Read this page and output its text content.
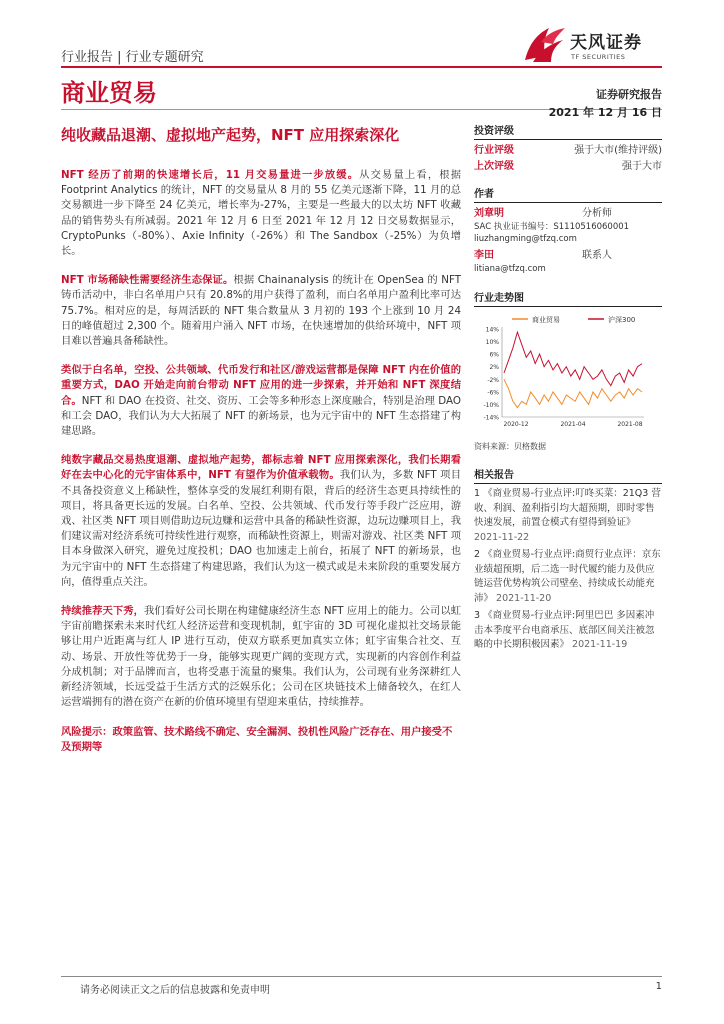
行业报告 | 行业专题研究
天风证券
TF SECURITIES
商业贸易	证券研究报告
2021 年 12 月 16 日
纯收藏品退潮、虚拟地产起势，NFT 应用探索深化

NFT 经历了前期的快速增长后，11 月交易量进一步放缓。从交易量上看，根据 Footprint Analytics 的统计，NFT 的交易量从 8 月的 55 亿美元逐渐下降，11 月的总交易额进一步下降至 24 亿美元，增长率为-27%，主要是一些最大的以太坊 NFT 收藏品的销售势头有所减弱。2021 年 12 月 6 日至 2021 年 12 月 12 日交易数据显示，CryptoPunks（-80%）、Axie Infinity（-26%）和 The Sandbox（-25%）为负增长。

NFT 市场稀缺性需要经济生态保证。根据 Chainanalysis 的统计在 OpenSea 的 NFT 铸币活动中，非白名单用户只有 20.8%的用户获得了盈利，而白名单用户盈利比率可达 75.7%。相对应的是，每周活跃的 NFT 集合数量从 3 月初的 193 个上涨到 10 月 24 日的峰值超过 2,300 个。随着用户涌入 NFT 市场，在快速增加的供给环境中，NFT 项目难以普遍具备稀缺性。

类似于白名单，空投、公共领域、代币发行和社区/游戏运营都是保障 NFT 内在价值的重要方式，DAO 开始走向前台带动 NFT 应用的进一步探索，并开始和 NFT 深度结合。NFT 和 DAO 在投资、社交、资历、工会等多种形态上深度融合，特别是治理 DAO 和工会 DAO，我们认为大大拓展了 NFT 的新场景，也为元宇宙中的 NFT 生态搭建了构建思路。

纯数字藏品交易热度退潮、虚拟地产起势，都标志着 NFT 应用探索深化，我们长期看好在去中心化的元宇宙体系中，NFT 有望作为价值承载物。我们认为，多数 NFT 项目不具备投资意义上稀缺性，整体享受的发展红利期有限，背后的经济生态更具持续性的项目，将具备更长远的发展。白名单、空投、公共领域、代币发行等手段广泛应用，游戏、社区类 NFT 项目则借助边玩边赚和运营中具备的稀缺性资源，边玩边赚项目上，我们建议需对经济系统可持续性进行观察，而稀缺性资源上，则需对游戏、社区类 NFT 项目本身做深入研究，避免过度投机；DAO 也加速走上前台，拓展了 NFT 的新场景，也为元宇宙中的 NFT 生态搭建了构建思路，我们认为这一模式或是未来阶段的重要发展方向，值得重点关注。

持续推荐天下秀，我们看好公司长期在构建健康经济生态 NFT 应用上的能力。公司以虹宇宙前瞻探索未来时代红人经济运营和变现机制，虹宇宙的 3D 可视化虚拟社交场景能够让用户近距离与红人 IP 进行互动，使双方联系更加真实立体；虹宇宙集合社交、互动、场景、开放性等优势于一身，能够实现更广阔的变现方式，实现新的内容创作利益分成机制；对于品牌而言，也将受惠于流量的聚集。我们认为，公司现有业务深耕红人新经济领域，长远受益于生活方式的泛娱乐化；公司在区块链技术上储备较久，在红人运营端拥有的潜在资产在新的价值环境里有望迎来重估，持续推荐。

风险提示：政策监管、技术路线不确定、安全漏洞、投机性风险广泛存在、用户接受不及预期等

投资评级
行业评级	强于大市(维持评级)
上次评级	强于大市
作者
刘章明	分析师
SAC 执业证书编号：S1110516060001
liuzhangming@tfzq.com
李田	联系人
litiana@tfzq.com
行业走势图
商业贸易	沪深300
14%
10%
6%
2%
-2%
-6%
-10%
-14%
2020-12	2021-04	2021-08
资料来源：贝格数据
相关报告
1 《商业贸易-行业点评:叮咚买菜：21Q3 营收、利润、盈利指引均大超预期，即时零售快速发展，前置仓模式有望得到验证》 2021-11-22
2 《商业贸易-行业点评:商贸行业点评：京东业绩超预期，后二选一时代履约能力及供应链运营优势构筑公司壁垒、持续成长动能充沛》 2021-11-20
3 《商业贸易-行业点评:阿里巴巴 多因素冲击本季度平台电商承压、底部区间关注被忽略的中长期积极因素》 2021-11-19
请务必阅读正文之后的信息披露和免责申明	1
